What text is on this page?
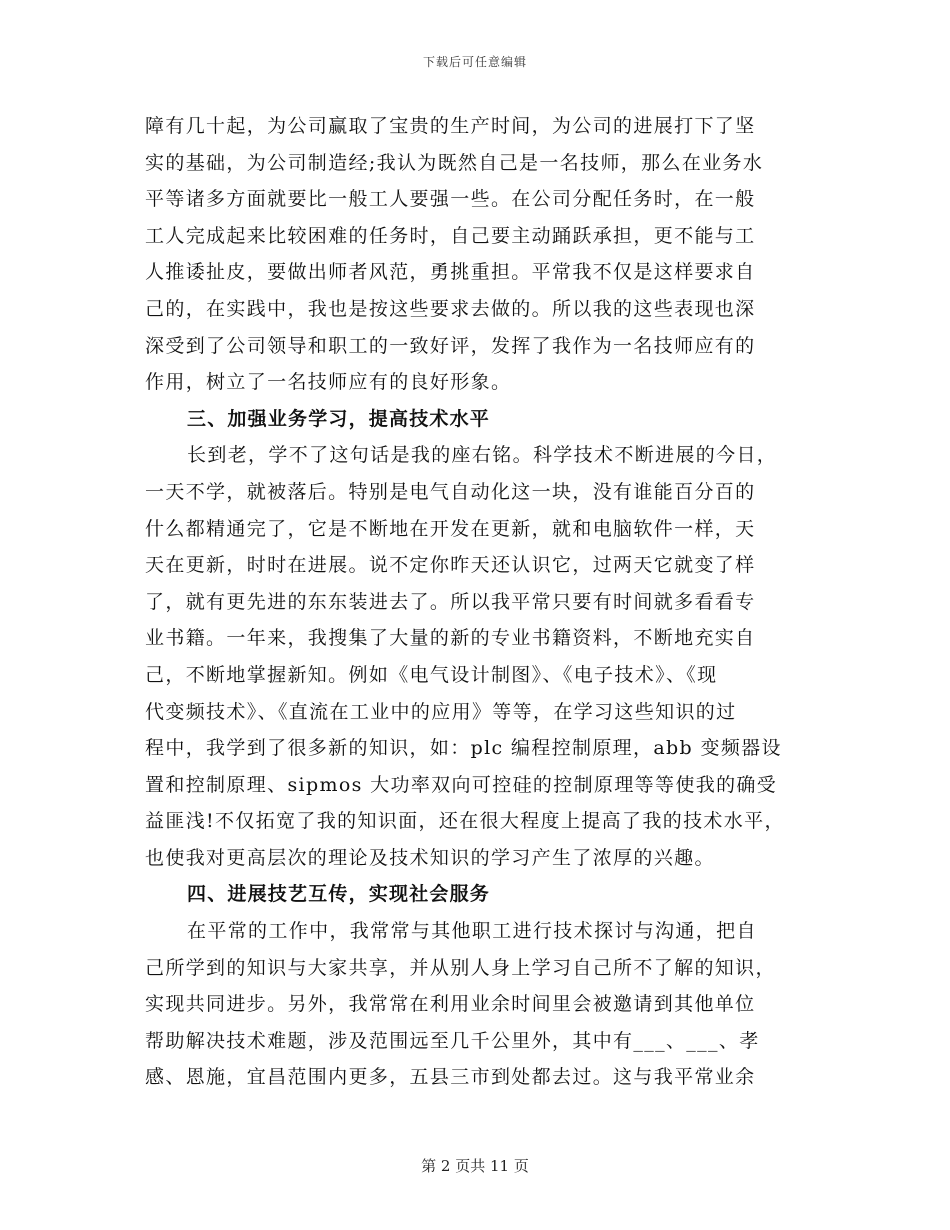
下载后可任意编辑
障有几十起，为公司赢取了宝贵的生产时间，为公司的进展打下了坚
实的基础，为公司制造经;我认为既然自己是一名技师，那么在业务水
平等诸多方面就要比一般工人要强一些。在公司分配任务时，在一般
工人完成起来比较困难的任务时，自己要主动踊跃承担，更不能与工
人推诿扯皮，要做出师者风范，勇挑重担。平常我不仅是这样要求自
己的，在实践中，我也是按这些要求去做的。所以我的这些表现也深
深受到了公司领导和职工的一致好评，发挥了我作为一名技师应有的
作用，树立了一名技师应有的良好形象。
三、加强业务学习，提高技术水平
长到老，学不了这句话是我的座右铭。科学技术不断进展的今日，
一天不学，就被落后。特别是电气自动化这一块，没有谁能百分百的
什么都精通完了，它是不断地在开发在更新，就和电脑软件一样，天
天在更新，时时在进展。说不定你昨天还认识它，过两天它就变了样
了，就有更先进的东东装进去了。所以我平常只要有时间就多看看专
业书籍。一年来，我搜集了大量的新的专业书籍资料，不断地充实自
己，不断地掌握新知。例如《电气设计制图》、《电子技术》、《现
代变频技术》、《直流在工业中的应用》等等，在学习这些知识的过
程中，我学到了很多新的知识，如：plc 编程控制原理，abb 变频器设
置和控制原理、sipmos 大功率双向可控硅的控制原理等等使我的确受
益匪浅!不仅拓宽了我的知识面，还在很大程度上提高了我的技术水平，
也使我对更高层次的理论及技术知识的学习产生了浓厚的兴趣。
四、进展技艺互传，实现社会服务
在平常的工作中，我常常与其他职工进行技术探讨与沟通，把自
己所学到的知识与大家共享，并从别人身上学习自己所不了解的知识，
实现共同进步。另外，我常常在利用业余时间里会被邀请到其他单位
帮助解决技术难题，涉及范围远至几千公里外，其中有___、___、孝
感、恩施，宜昌范围内更多，五县三市到处都去过。这与我平常业余
第 2 页共 11 页
